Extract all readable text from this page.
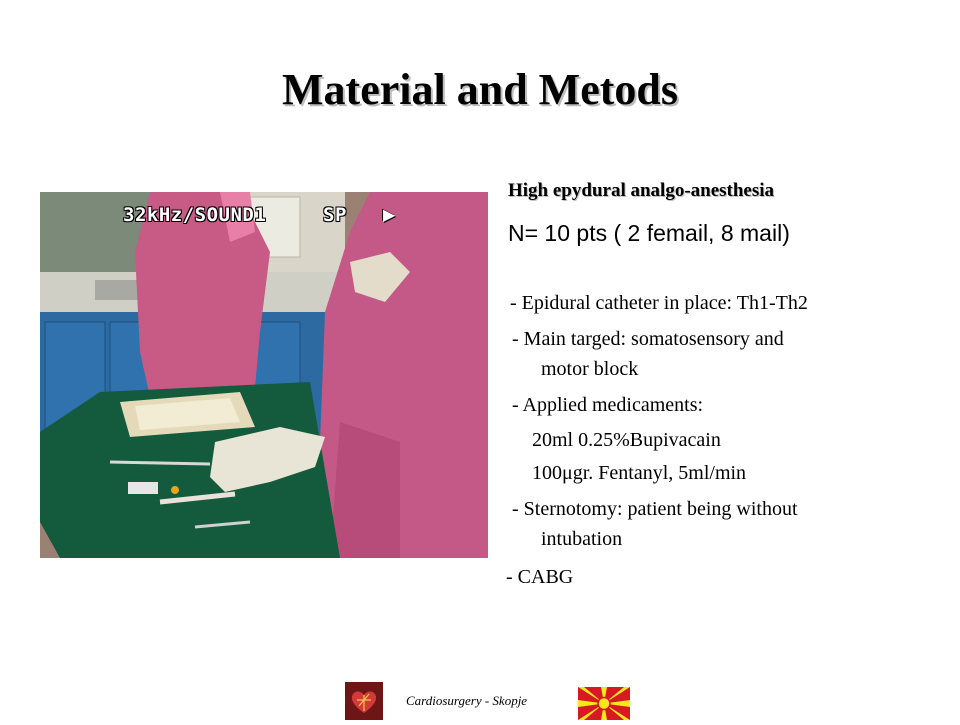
Material and Metods
32kHz/SOUND1	SP ▶
High epydural analgo-anesthesia
N= 10 pts ( 2 femail, 8 mail)
- Epidural catheter in place: Th1-Th2
- Main targed: somatosensory and
motor block
- Applied medicaments:
20ml 0.25%Bupivacain
100μgr. Fentanyl, 5ml/min
- Sternotomy: patient being without
intubation
- CABG
Cardiosurgery - Skopje
